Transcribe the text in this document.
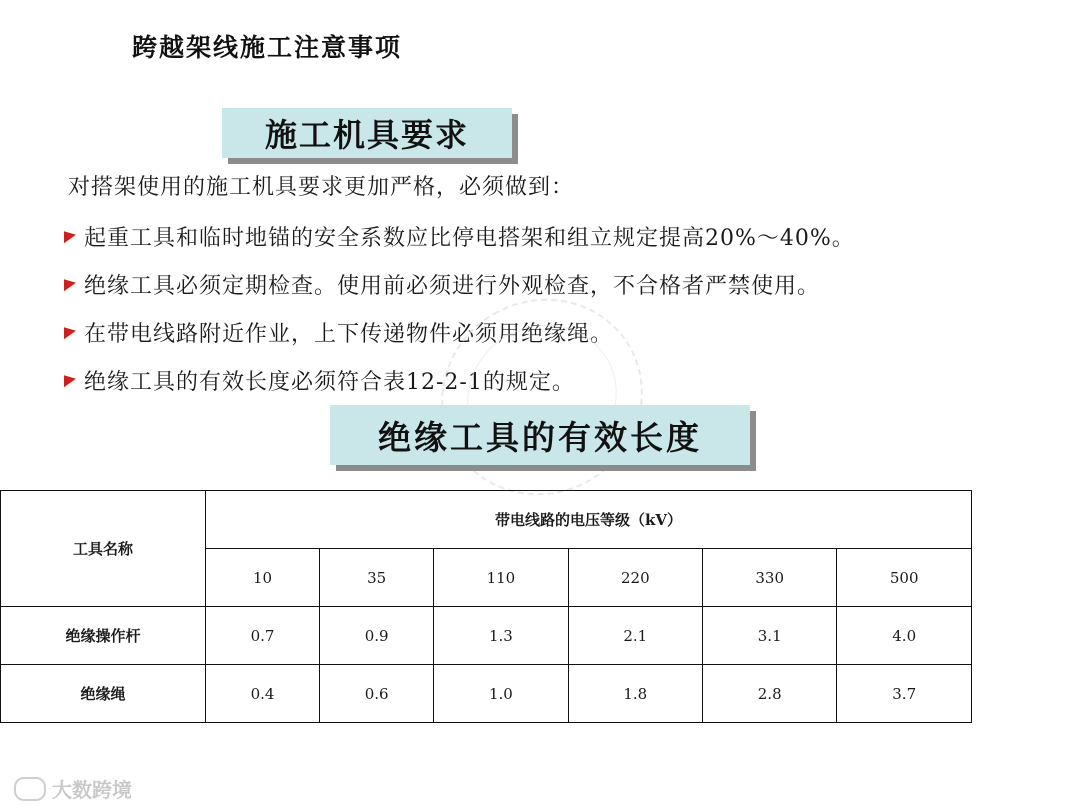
跨越架线施工注意事项
施工机具要求
对搭架使用的施工机具要求更加严格，必须做到：
起重工具和临时地锚的安全系数应比停电搭架和组立规定提高20%～40%。
绝缘工具必须定期检查。使用前必须进行外观检查，不合格者严禁使用。
在带电线路附近作业，上下传递物件必须用绝缘绳。
绝缘工具的有效长度必须符合表12-2-1的规定。
绝缘工具的有效长度
工具名称	带电线路的电压等级（kV）					
	10	35	110	220	330	500
绝缘操作杆	0.7	0.9	1.3	2.1	3.1	4.0
绝缘绳	0.4	0.6	1.0	1.8	2.8	3.7
大数跨境
